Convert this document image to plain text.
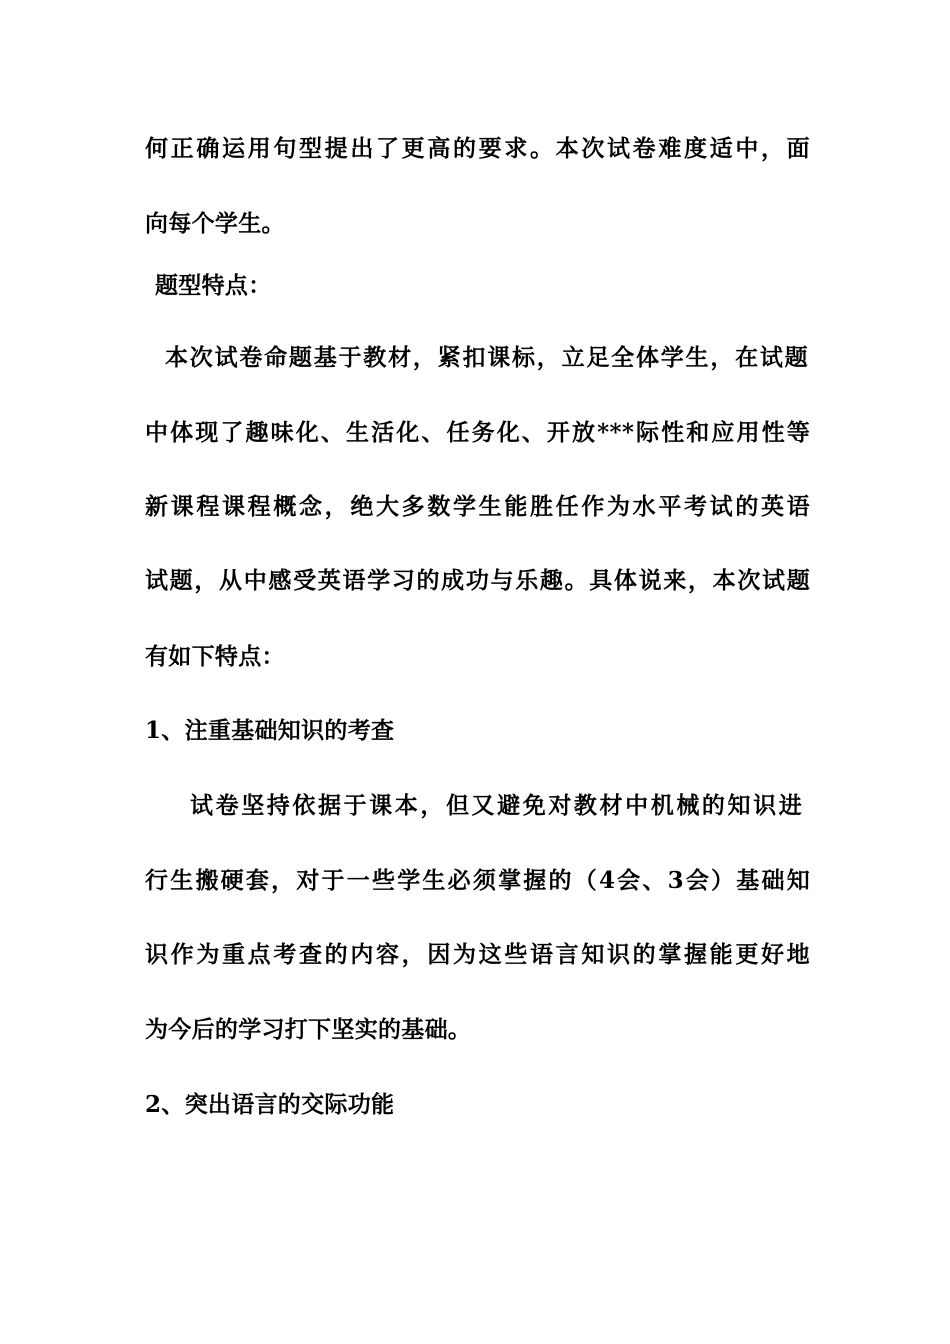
何正确运用句型提出了更高的要求。本次试卷难度适中，面
向每个学生。
题型特点：
本次试卷命题基于教材，紧扣课标，立足全体学生，在试题
中体现了趣味化、生活化、任务化、开放***际性和应用性等
新课程课程概念，绝大多数学生能胜任作为水平考试的英语
试题，从中感受英语学习的成功与乐趣。具体说来，本次试题
有如下特点：
1、注重基础知识的考查
试卷坚持依据于课本，但又避免对教材中机械的知识进
行生搬硬套，对于一些学生必须掌握的（4会、3会）基础知
识作为重点考查的内容，因为这些语言知识的掌握能更好地
为今后的学习打下坚实的基础。
2、突出语言的交际功能
